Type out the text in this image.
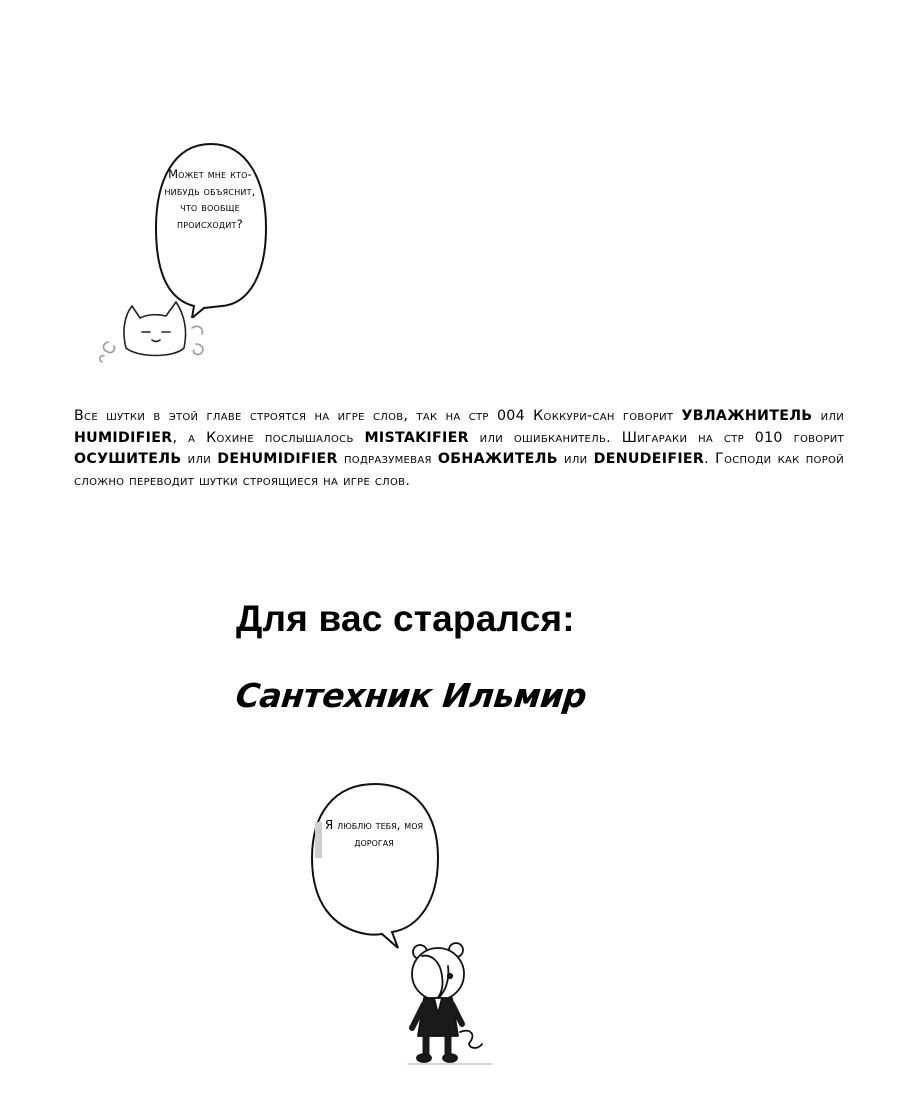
Может мне кто-нибудь объяснит, что вообще происходит?
Все шутки в этой главе строятся на игре слов, так на стр 004 Коккури-сан говорит УВЛАЖНИТЕЛЬ или HUMIDIFIER, а Кохине послышалось MISTAKIFIER или ошибканитель. Шигараки на стр 010 говорит ОСУШИТЕЛЬ или DEHUMIDIFIER подразумевая ОБНАЖИТЕЛЬ или DENUDEIFIER. Господи как порой сложно переводит шутки строящиеся на игре слов.
Для вас старался:
Сантехник Ильмир
Я люблю тебя, моя дорогая
